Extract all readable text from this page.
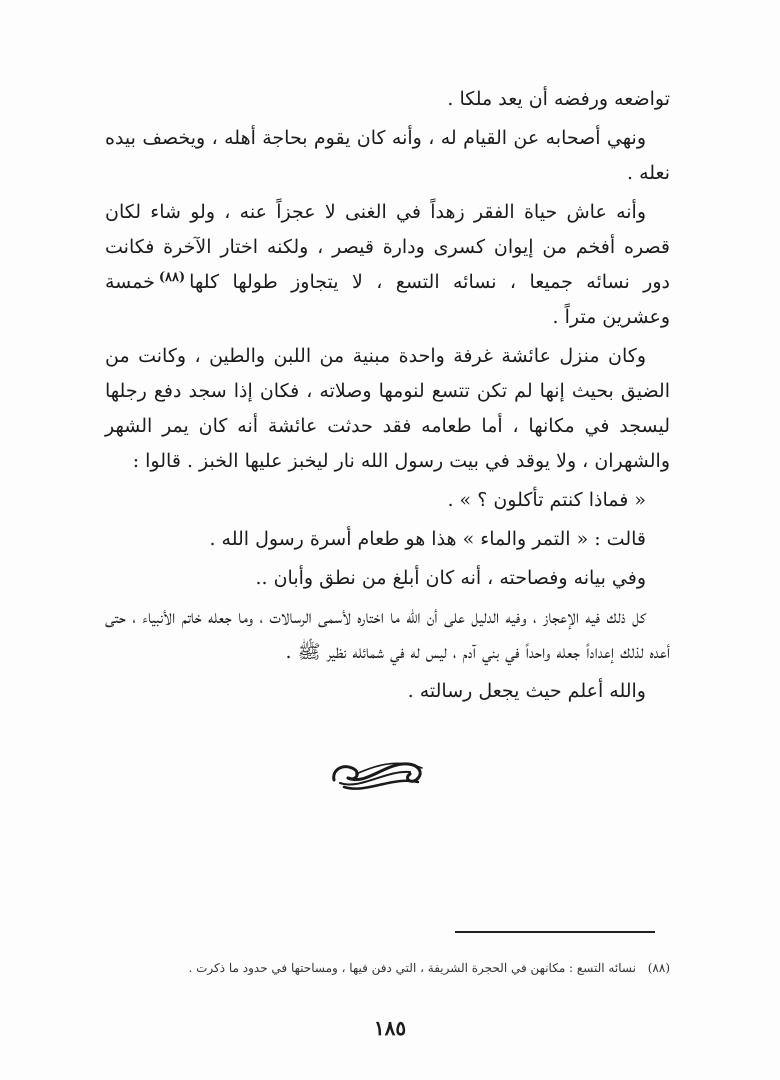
تواضعه ورفضه أن يعد ملكا .

ونهي أصحابه عن القيام له ، وأنه كان يقوم بحاجة أهله ، ويخصف بيده نعله .

وأنه عاش حياة الفقر زهداً في الغنى لا عجزاً عنه ، ولو شاء لكان قصره أفخم من إيوان كسرى ودارة قيصر ، ولكنه اختار الآخرة فكانت دور نسائه جميعا ، نسائه التسع ، لا يتجاوز طولها كلها$^{(٨٨)}$خمسة وعشرين متراً .

وكان منزل عائشة غرفة واحدة مبنية من اللبن والطين ، وكانت من الضيق بحيث إنها لم تكن تتسع لنومها وصلاته ، فكان إذا سجد دفع رجلها ليسجد في مكانها ، أما طعامه فقد حدثت عائشة أنه كان يمر الشهر والشهران ، ولا يوقد في بيت رسول الله نار ليخبز عليها الخبز . قالوا :

« فماذا كنتم تأكلون ؟ » .

قالت : « التمر والماء » هذا هو طعام أسرة رسول الله .

وفي بيانه وفصاحته ، أنه كان أبلغ من نطق وأبان ..

كل ذلك فيه الإعجاز ، وفيه الدليل على أن الله ما اختاره لأسمى الرسالات ، وما جعله خاتم الأنبياء ، حتى أعده لذلك إعداداً جعله واحداً في بني آدم ، ليس له في شمائله نظير ﷺ .

والله أعلم حيث يجعل رسالته .

(٨٨) نسائه التسع : مكانهن في الحجرة الشريفة ، التي دفن فيها ، ومساحتها في حدود ما ذكرت .
١٨٥
